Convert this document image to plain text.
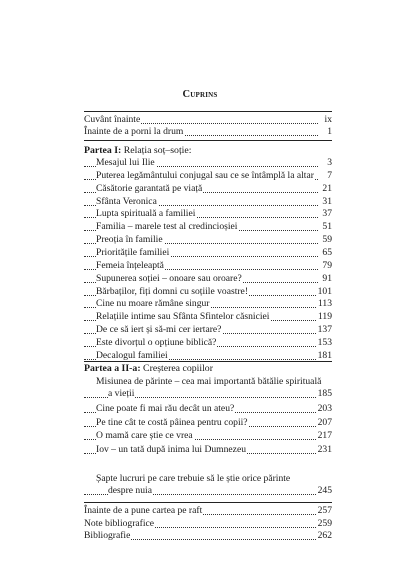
Cuprins
Cuvânt înainte	ix
Înainte de a porni la drum	1
Partea I: Relația soț–soție:
Mesajul lui Ilie	3
Puterea legământului conjugal sau ce se întâmplă la altar 7
Căsătorie garantată pe viață	21
Sfânta Veronica	31
Lupta spirituală a familiei	37
Familia – marele test al credincioșiei	51
Preoția în familie	59
Prioritățile familiei	65
Femeia înțeleaptă	79
Supunerea soției – onoare sau oroare?	91
Bărbaților, fiți domni cu soțiile voastre!	101
Cine nu moare rămâne singur	113
Relațiile intime sau Sfânta Sfintelor căsniciei	119
De ce să iert și să-mi cer iertare?	137
Este divorțul o opțiune biblică?	153
Decalogul familiei	181
Partea a II-a: Creșterea copiilor
Misiunea de părinte – cea mai importantă bătălie spirituală
a vieții	185
Cine poate fi mai rău decât un ateu?	203
Pe tine cât te costă pâinea pentru copii?	207
O mamă care știe ce vrea	217
Iov – un tată după inima lui Dumnezeu	231
Șapte lucruri pe care trebuie să le știe orice părinte
despre nuia	245
Înainte de a pune cartea pe raft	257
Note bibliografice	259
Bibliografie	262
